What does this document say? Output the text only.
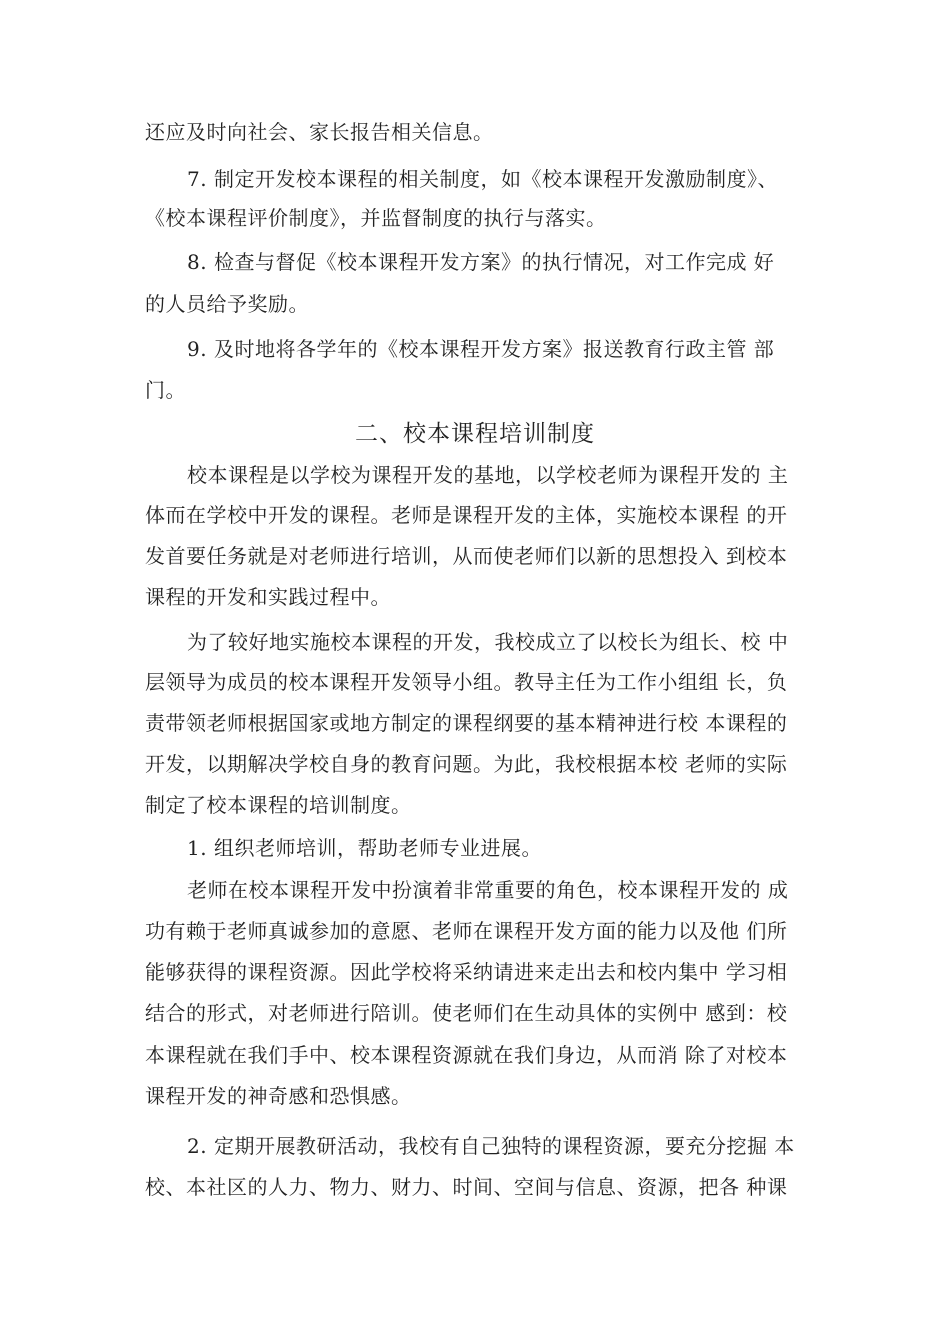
还应及时向社会、家长报告相关信息。
7. 制定开发校本课程的相关制度，如《校本课程开发激励制度》、
《校本课程评价制度》，并监督制度的执行与落实。
8. 检查与督促《校本课程开发方案》的执行情况，对工作完成 好
的人员给予奖励。
9. 及时地将各学年的《校本课程开发方案》报送教育行政主管 部
门。
二、校本课程培训制度
校本课程是以学校为课程开发的基地，以学校老师为课程开发的 主
体而在学校中开发的课程。老师是课程开发的主体，实施校本课程 的开
发首要任务就是对老师进行培训，从而使老师们以新的思想投入 到校本
课程的开发和实践过程中。
为了较好地实施校本课程的开发，我校成立了以校长为组长、校 中
层领导为成员的校本课程开发领导小组。教导主任为工作小组组 长，负
责带领老师根据国家或地方制定的课程纲要的基本精神进行校 本课程的
开发，以期解决学校自身的教育问题。为此，我校根据本校 老师的实际
制定了校本课程的培训制度。
1. 组织老师培训，帮助老师专业进展。
老师在校本课程开发中扮演着非常重要的角色，校本课程开发的 成
功有赖于老师真诚参加的意愿、老师在课程开发方面的能力以及他 们所
能够获得的课程资源。因此学校将采纳请进来走出去和校内集中 学习相
结合的形式，对老师进行陪训。使老师们在生动具体的实例中 感到：校
本课程就在我们手中、校本课程资源就在我们身边，从而消 除了对校本
课程开发的神奇感和恐惧感。
2. 定期开展教研活动，我校有自己独特的课程资源，要充分挖掘 本
校、本社区的人力、物力、财力、时间、空间与信息、资源，把各 种课
